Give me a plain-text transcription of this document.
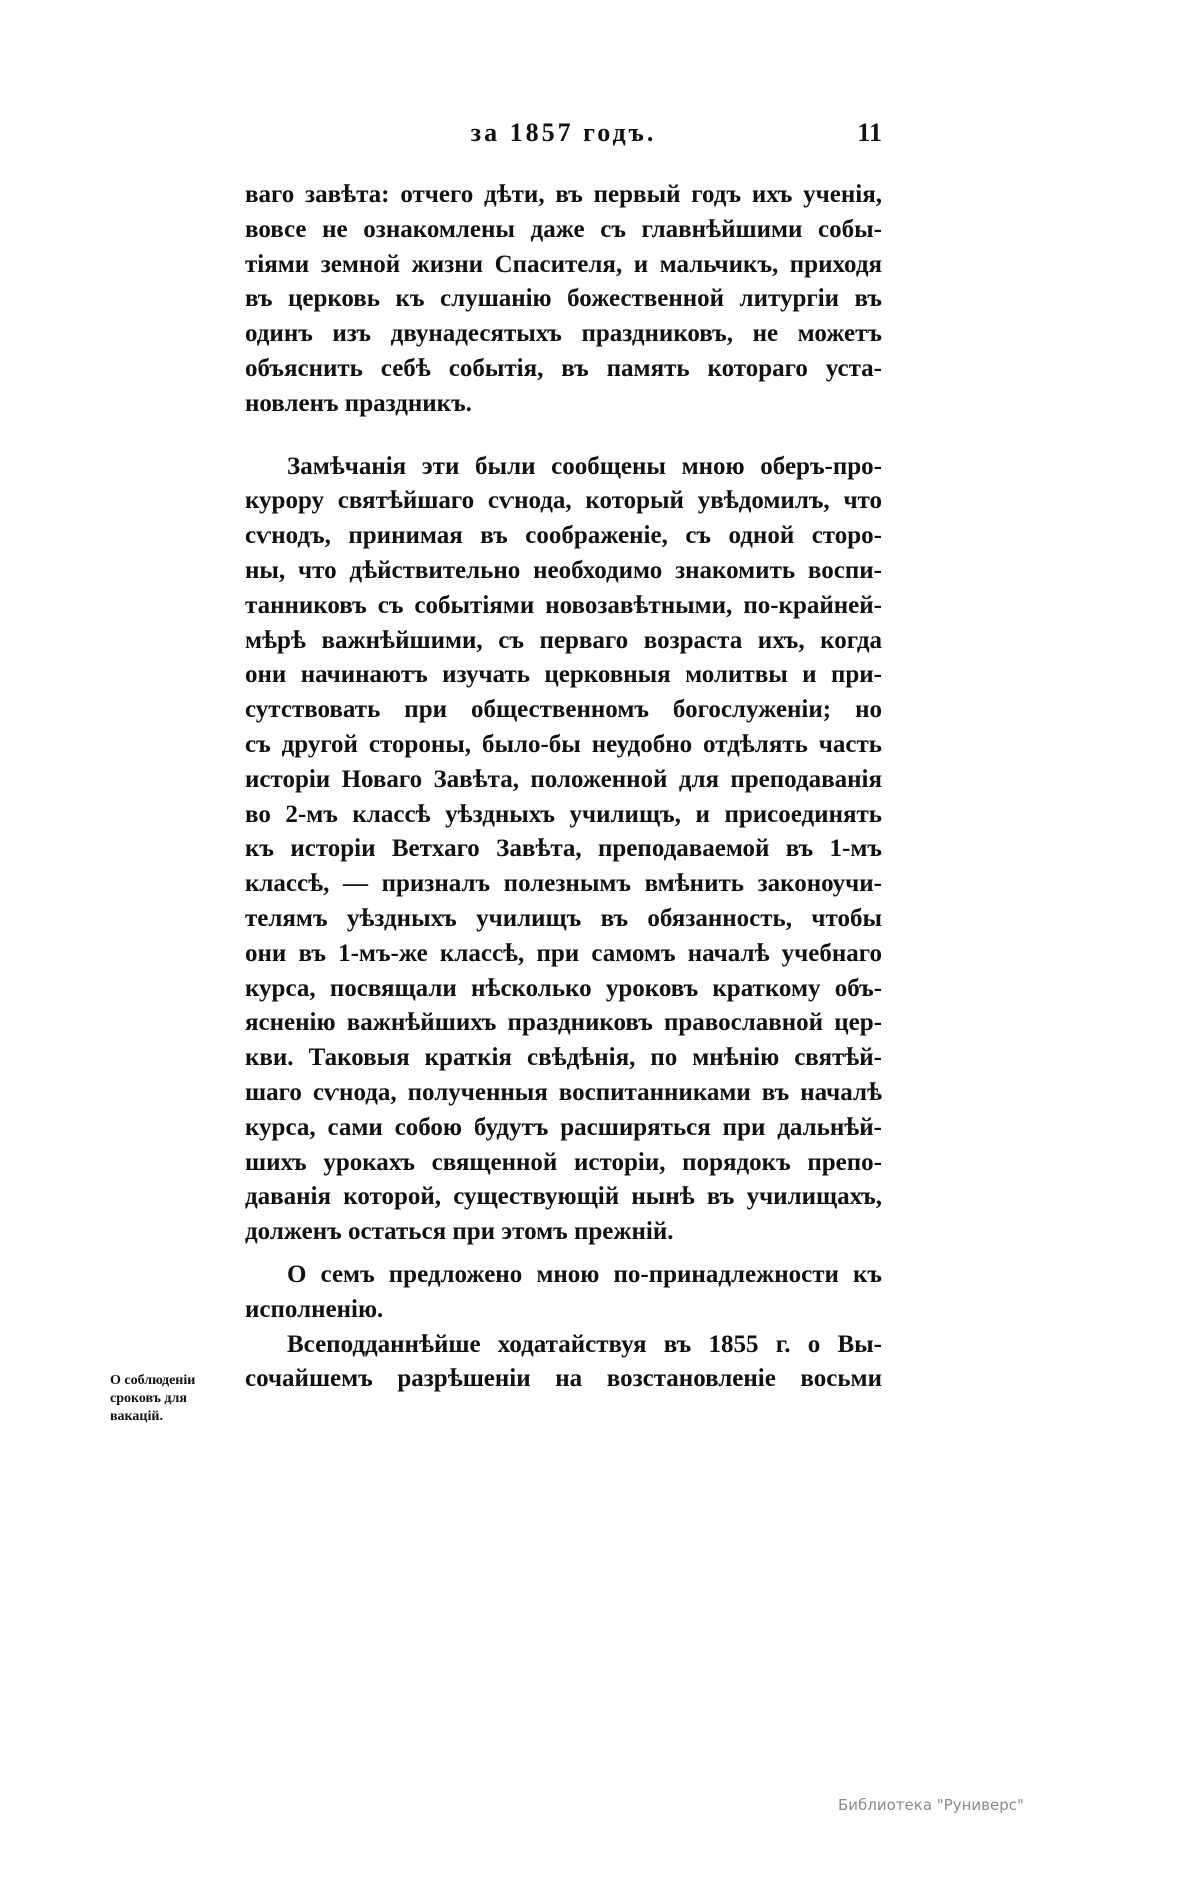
за 1857 годъ.	11
ваго завѣта: отчего дѣти, въ первый годъ ихъ ученія,
вовсе не ознакомлены даже съ главнѣйшими собы-
тіями земной жизни Спасителя, и мальчикъ, приходя
въ церковь къ слушанію божественной литургіи въ
одинъ изъ двунадесятыхъ праздниковъ, не можетъ
объяснить себѣ событія, въ память котораго уста-
новленъ праздникъ.
Замѣчанія эти были сообщены мною оберъ-про-
курору святѣйшаго сѵнода, который увѣдомилъ, что
сѵнодъ, принимая въ соображеніе, съ одной сторо-
ны, что дѣйствительно необходимо знакомить воспи-
танниковъ съ событіями новозавѣтными, по-крайней-
мѣрѣ важнѣйшими, съ перваго возраста ихъ, когда
они начинаютъ изучать церковныя молитвы и при-
сутствовать при общественномъ богослуженіи; но
съ другой стороны, было-бы неудобно отдѣлять часть
исторіи Новаго Завѣта, положенной для преподаванія
во 2-мъ классѣ уѣздныхъ училищъ, и присоединять
къ исторіи Ветхаго Завѣта, преподаваемой въ 1-мъ
классѣ, — призналъ полезнымъ вмѣнить законоучи-
телямъ уѣздныхъ училищъ въ обязанность, чтобы
они въ 1-мъ-же классѣ, при самомъ началѣ учебнаго
курса, посвящали нѣсколько уроковъ краткому объ-
ясненію важнѣйшихъ праздниковъ православной цер-
кви. Таковыя краткія свѣдѣнія, по мнѣнію святѣй-
шаго сѵнода, полученныя воспитанниками въ началѣ
курса, сами собою будутъ расширяться при дальнѣй-
шихъ урокахъ священной исторіи, порядокъ препо-
даванія которой, существующій нынѣ въ училищахъ,
долженъ остаться при этомъ прежній.
О семъ предложено мною по-принадлежности къ
исполненію.
Всеподданнѣйше ходатайствуя въ 1855 г. о Вы-
сочайшемъ разрѣшеніи на возстановленіе восьми
О соблюденіи
сроковъ для
вакацій.
Библиотека "Руниверс"
